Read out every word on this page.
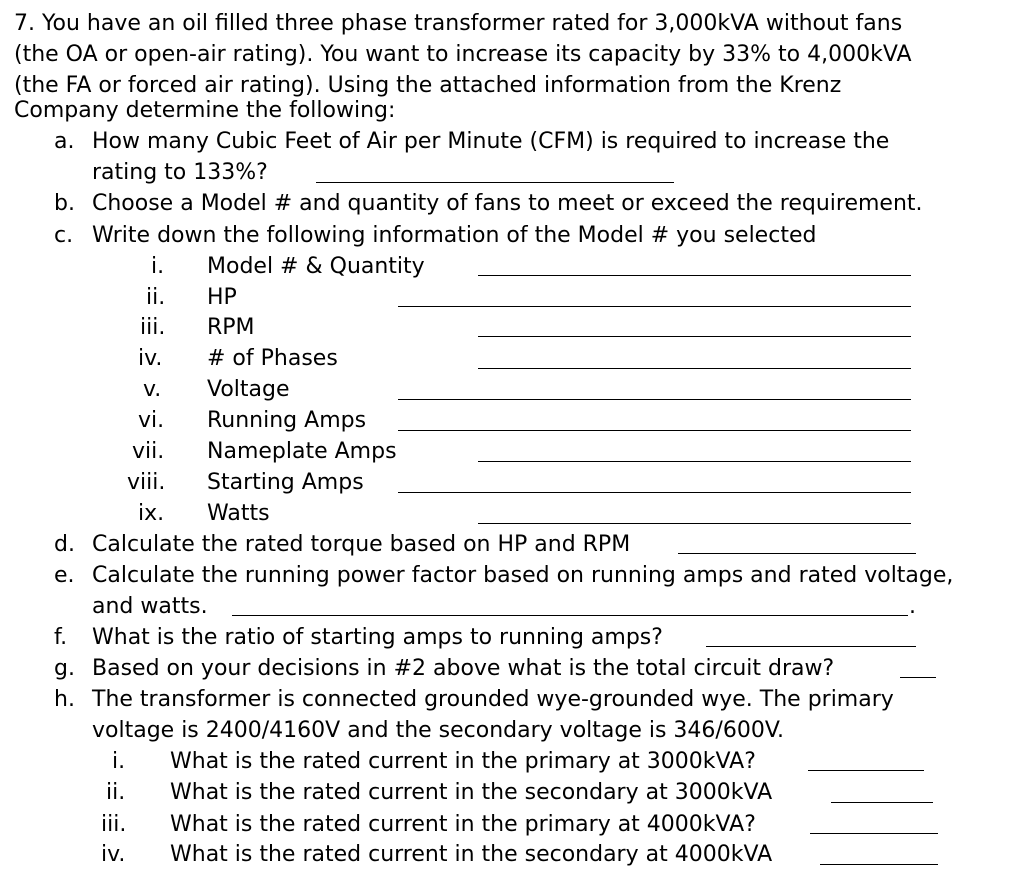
7. You have an oil filled three phase transformer rated for 3,000kVA without fans
(the OA or open-air rating). You want to increase its capacity by 33% to 4,000kVA
(the FA or forced air rating). Using the attached information from the Krenz
Company determine the following:
a. How many Cubic Feet of Air per Minute (CFM) is required to increase the
rating to 133%?
b. Choose a Model # and quantity of fans to meet or exceed the requirement.
c. Write down the following information of the Model # you selected
i. Model # & Quantity
ii. HP
iii. RPM
iv. # of Phases
v. Voltage
vi. Running Amps
vii. Nameplate Amps
viii. Starting Amps
ix. Watts
d. Calculate the rated torque based on HP and RPM
e. Calculate the running power factor based on running amps and rated voltage,
and watts.	.
f. What is the ratio of starting amps to running amps?
g. Based on your decisions in #2 above what is the total circuit draw?
h. The transformer is connected grounded wye-grounded wye. The primary
voltage is 2400/4160V and the secondary voltage is 346/600V.
i. What is the rated current in the primary at 3000kVA?
ii. What is the rated current in the secondary at 3000kVA
iii. What is the rated current in the primary at 4000kVA?
iv. What is the rated current in the secondary at 4000kVA
